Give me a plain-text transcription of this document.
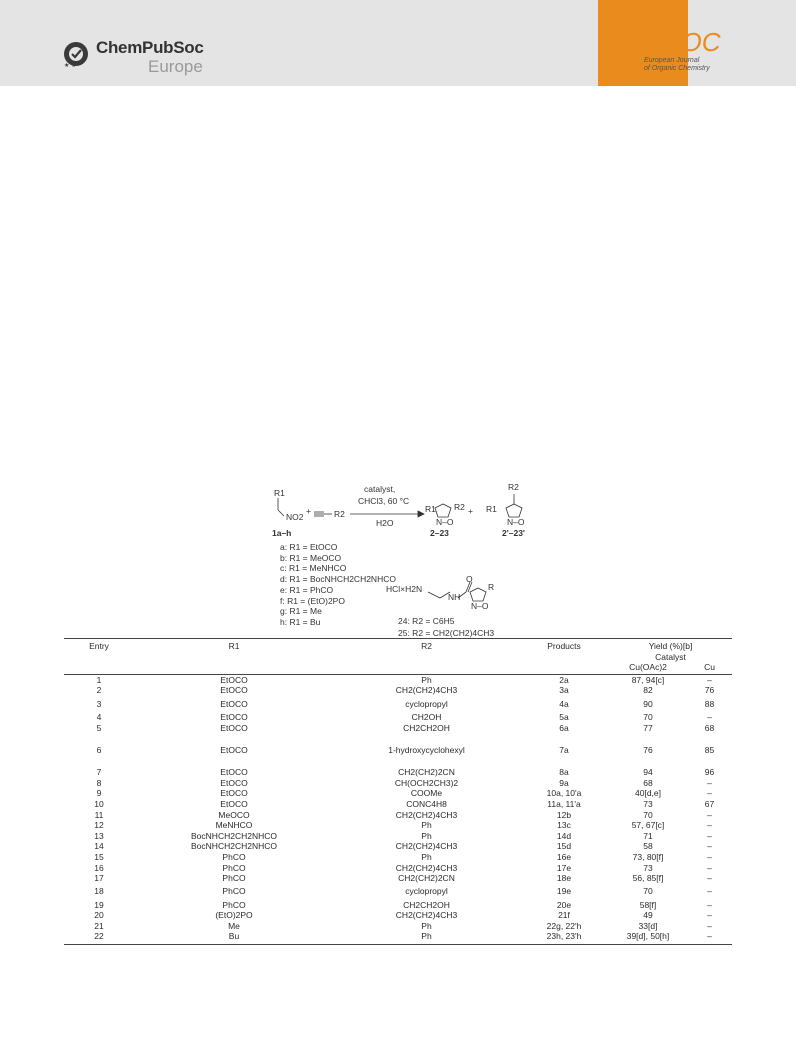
★ ★
ChemPubSoc
Europe
EurJOC
European Journal
of Organic Chemistry
R1
NO2
+	R2
catalyst,
CHCl3, 60 °C
H2O
1a–h
R1 R2
N–O
2–23
+ R1
R2
N–O
2'–23'
a: R1 = EtOCO
b: R1 = MeOCO
c: R1 = MeNHCO
d: R1 = BocNHCH2CH2NHCO
e: R1 = PhCO
f: R1 = (EtO)2PO
g: R1 = Me
h: R1 = Bu
HCl×H2N
O
NH
R
N–O
24: R2 = C6H5
25: R2 = CH2(CH2)4CH3
Entry	R1	R2	Products	Yield (%)[b]	
				Catalyst	
				Cu(OAc)2	Cu
1	EtOCO	Ph	2a	87, 94[c]	–
2	EtOCO	CH2(CH2)4CH3	3a	82	76
3	EtOCO	cyclopropyl	4a	90	88
4	EtOCO	CH2OH	5a	70	–
5	EtOCO	CH2CH2OH	6a	77	68
6	EtOCO	1-hydroxycyclohexyl	7a	76	85
7	EtOCO	CH2(CH2)2CN	8a	94	96
8	EtOCO	CH(OCH2CH3)2	9a	68	–
9	EtOCO	COOMe	10a, 10'a	40[d,e]	–
10	EtOCO	CONC4H8	11a, 11'a	73	67
11	MeOCO	CH2(CH2)4CH3	12b	70	–
12	MeNHCO	Ph	13c	57, 67[c]	–
13	BocNHCH2CH2NHCO	Ph	14d	71	–
14	BocNHCH2CH2NHCO	CH2(CH2)4CH3	15d	58	–
15	PhCO	Ph	16e	73, 80[f]	–
16	PhCO	CH2(CH2)4CH3	17e	73	–
17	PhCO	CH2(CH2)2CN	18e	56, 85[f]	–
18	PhCO	cyclopropyl	19e	70	–
19	PhCO	CH2CH2OH	20e	58[f]	–
20	(EtO)2PO	CH2(CH2)4CH3	21f	49	–
21	Me	Ph	22g, 22'h	33[d]	–
22	Bu	Ph	23h, 23'h	39[d], 50[h]	–
